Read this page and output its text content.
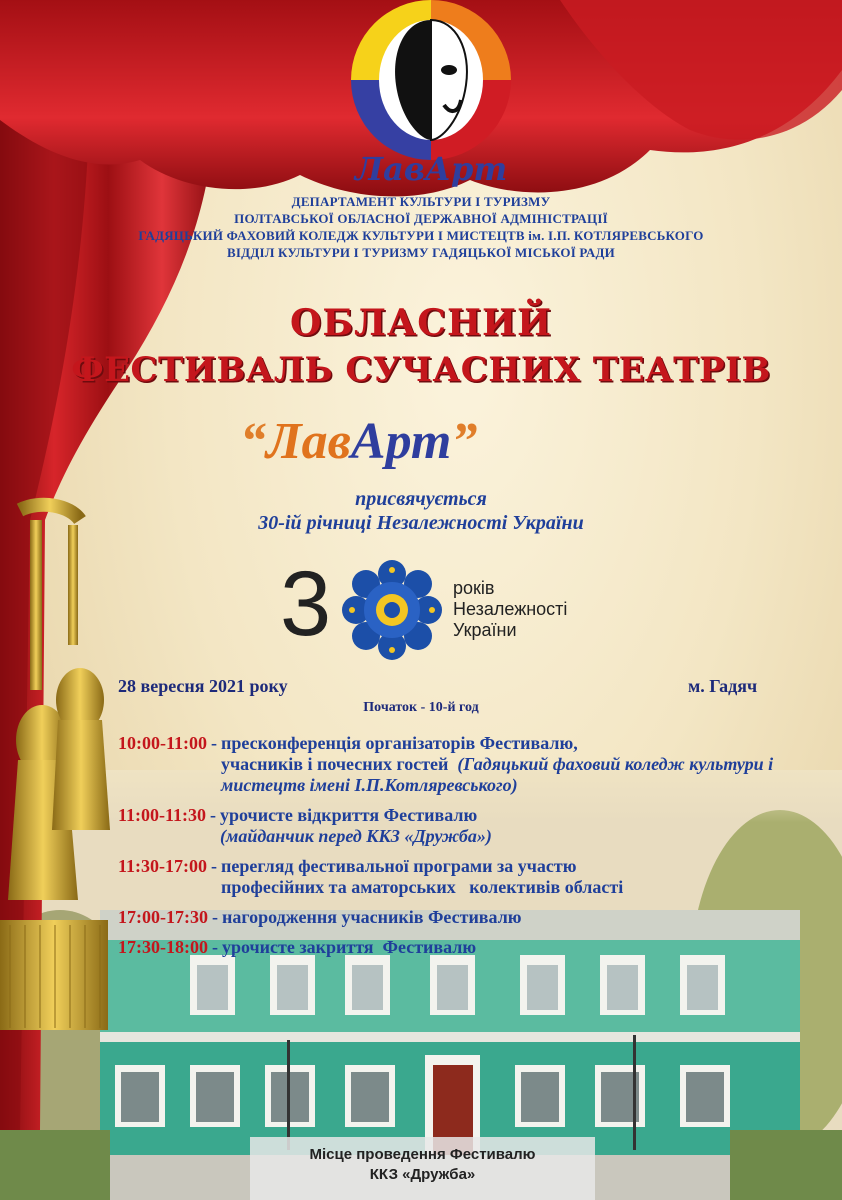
ЛавАрт
ДЕПАРТАМЕНТ КУЛЬТУРИ І ТУРИЗМУ
ПОЛТАВСЬКОЇ ОБЛАСНОЇ ДЕРЖАВНОЇ АДМІНІСТРАЦІЇ
ГАДЯЦЬКИЙ ФАХОВИЙ КОЛЕДЖ КУЛЬТУРИ І МИСТЕЦТВ ім. І.П. КОТЛЯРЕВСЬКОГО
ВІДДІЛ КУЛЬТУРИ І ТУРИЗМУ ГАДЯЦЬКОЇ МІСЬКОЇ РАДИ
ОБЛАСНИЙ
ФЕСТИВАЛЬ СУЧАСНИХ ТЕАТРІВ
“ЛавАрт”
присвячується
30-ій річниці Незалежності України
3	років
Незалежності
України
28 вересня 2021 року	м. Гадяч
Початок - 10-й год
10:00-11:00 - пресконференція організаторів Фестивалю,
учасників і почесних гостей (Гадяцький фаховий коледж культури і мистецтв імені І.П.Котляревського)
11:00-11:30 - урочисте відкриття Фестивалю
(майданчик перед ККЗ «Дружба»)
11:30-17:00 - перегляд фестивальної програми за участю
професійних та аматорських   колективів області
17:00-17:30 - нагородження учасників Фестивалю
17:30-18:00 - урочисте закриття  Фестивалю
Місце проведення Фестивалю
ККЗ «Дружба»
